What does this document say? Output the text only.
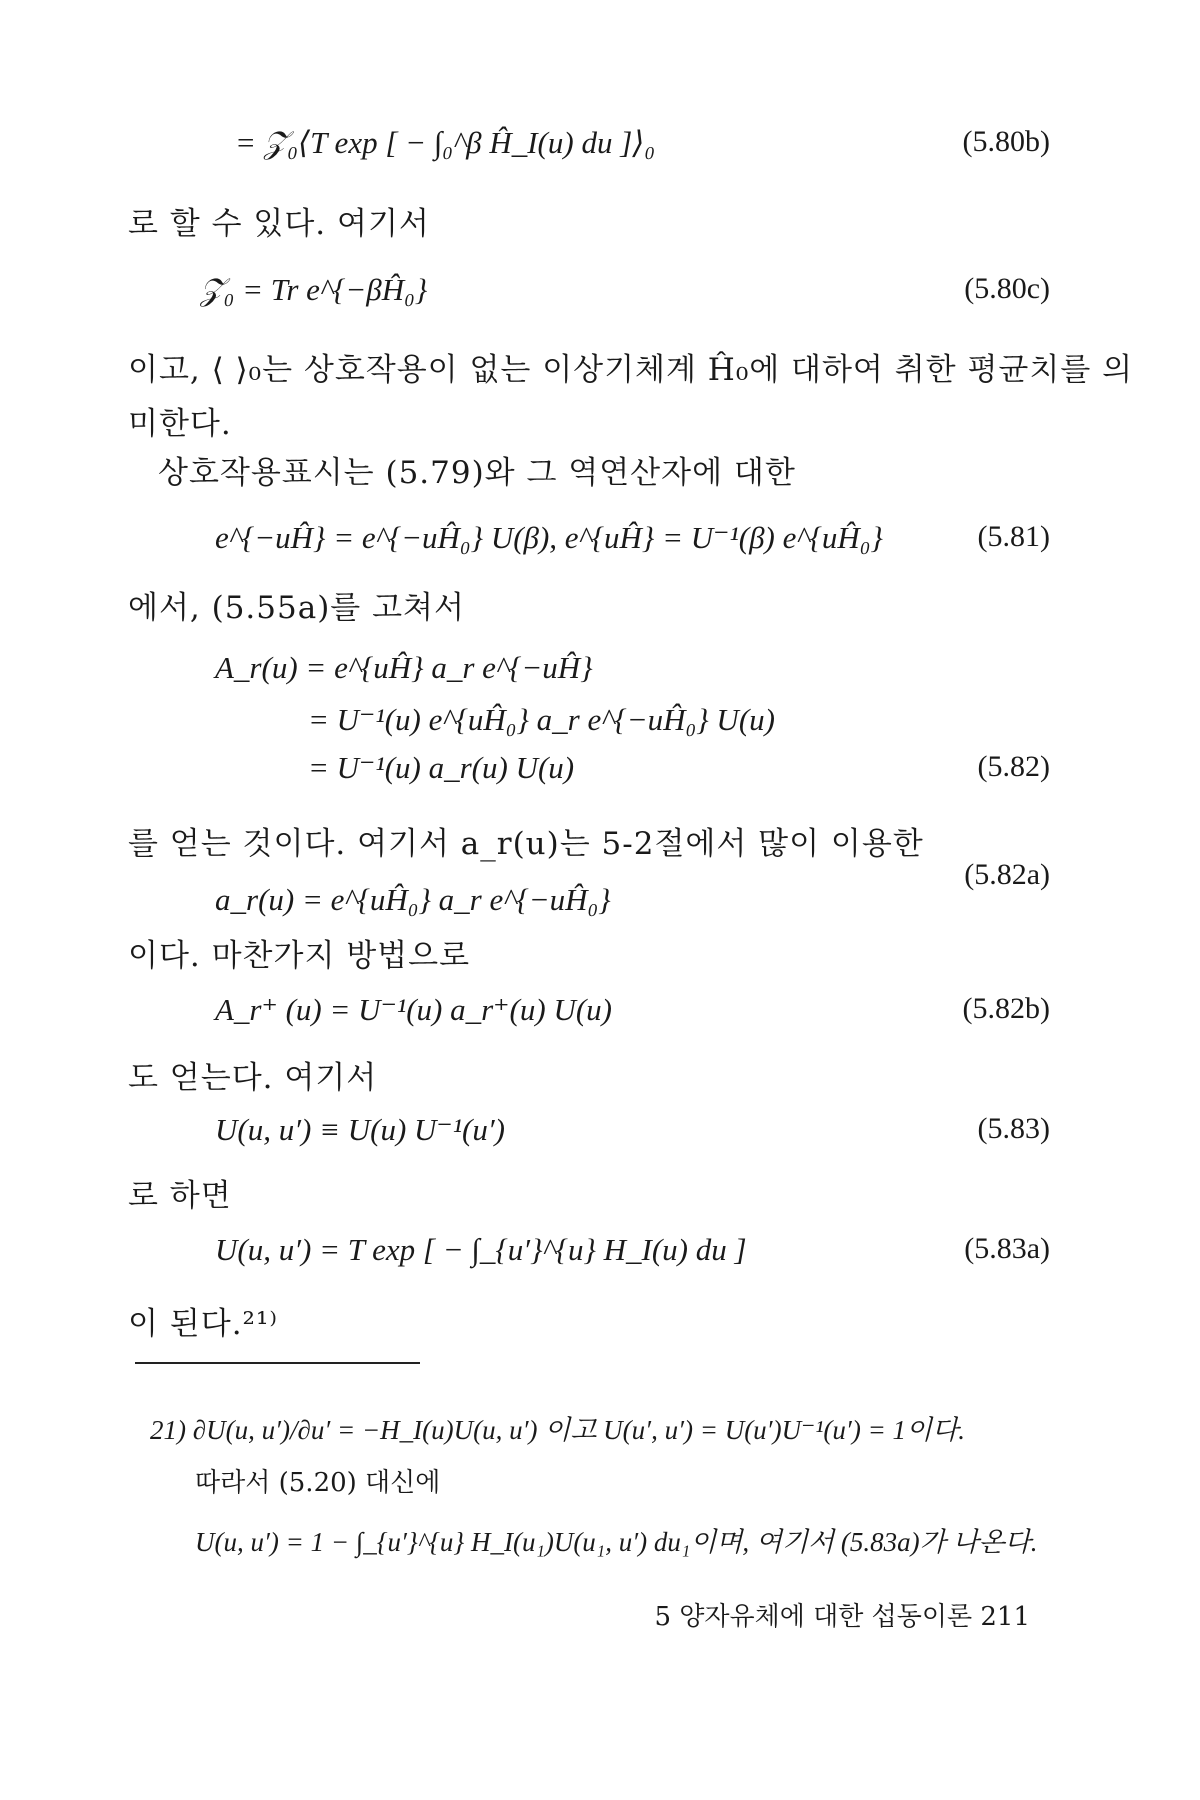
= 𝒵₀⟨T exp [ − ∫₀^β Ĥ_I(u) du ]⟩₀	(5.80b)
로 할 수 있다. 여기서
𝒵₀ = Tr e^{−βĤ₀}	(5.80c)
이고, ⟨ ⟩₀는 상호작용이 없는 이상기체계 Ĥ₀에 대하여 취한 평균치를 의
미한다.
상호작용표시는 (5.79)와 그 역연산자에 대한
e^{−uĤ} = e^{−uĤ₀} U(β), e^{uĤ} = U⁻¹(β) e^{uĤ₀}	(5.81)
에서, (5.55a)를 고쳐서
A_r(u) = e^{uĤ} a_r e^{−uĤ}
= U⁻¹(u) e^{uĤ₀} a_r e^{−uĤ₀} U(u)
= U⁻¹(u) a_r(u) U(u)	(5.82)
를 얻는 것이다. 여기서 a_r(u)는 5-2절에서 많이 이용한
a_r(u) = e^{uĤ₀} a_r e^{−uĤ₀}
(5.82a)
이다. 마찬가지 방법으로
A_r⁺ (u) = U⁻¹(u) a_r⁺(u) U(u)	(5.82b)
도 얻는다. 여기서
U(u, u′) ≡ U(u) U⁻¹(u′)	(5.83)
로 하면
U(u, u′) = T exp [ − ∫_{u′}^{u} H_I(u) du ]	(5.83a)
이 된다.²¹⁾
21) ∂U(u, u′)/∂u′ = −H_I(u)U(u, u′) 이고 U(u′, u′) = U(u′)U⁻¹(u′) = 1이다.
따라서 (5.20) 대신에
U(u, u′) = 1 − ∫_{u′}^{u} H_I(u₁)U(u₁, u′) du₁이며, 여기서 (5.83a)가 나온다.
5 양자유체에 대한 섭동이론 211
